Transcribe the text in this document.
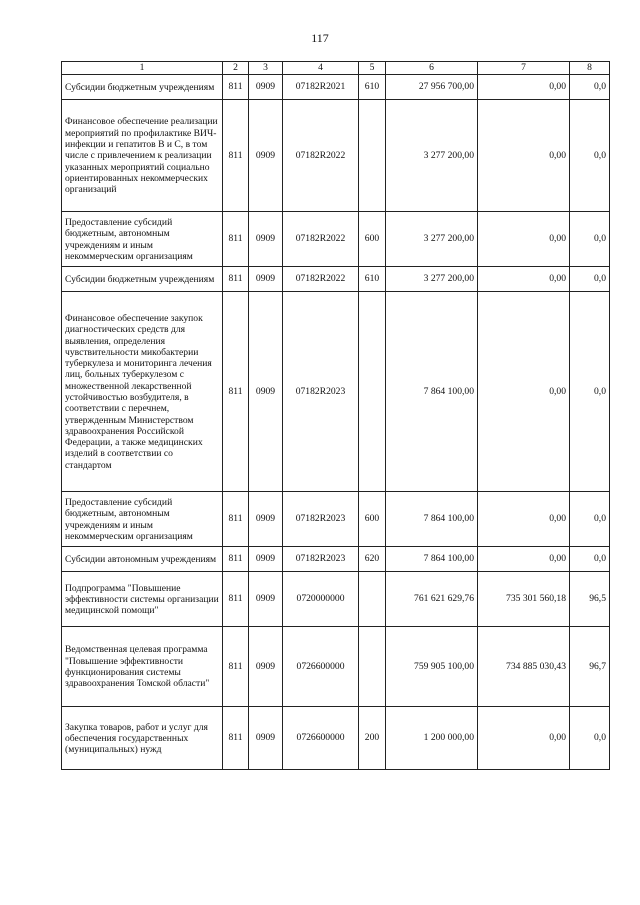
117
1	2	3	4	5	6	7	8
Субсидии бюджетным учреждениям	811	0909	07182R2021	610	27 956 700,00	0,00	0,0
Финансовое обеспечение реализации мероприятий по профилактике ВИЧ-инфекции и гепатитов B и C, в том числе с привлечением к реализации указанных мероприятий социально ориентированных некоммерческих организаций	811	0909	07182R2022		3 277 200,00	0,00	0,0
Предоставление субсидий бюджетным, автономным учреждениям и иным некоммерческим организациям	811	0909	07182R2022	600	3 277 200,00	0,00	0,0
Субсидии бюджетным учреждениям	811	0909	07182R2022	610	3 277 200,00	0,00	0,0
Финансовое обеспечение закупок диагностических средств для выявления, определения чувствительности микобактерии туберкулеза и мониторинга лечения лиц, больных туберкулезом с множественной лекарственной устойчивостью возбудителя, в соответствии с перечнем, утвержденным Министерством здравоохранения Российской Федерации, а также медицинских изделий в соответствии со стандартом	811	0909	07182R2023		7 864 100,00	0,00	0,0
Предоставление субсидий бюджетным, автономным учреждениям и иным некоммерческим организациям	811	0909	07182R2023	600	7 864 100,00	0,00	0,0
Субсидии автономным учреждениям	811	0909	07182R2023	620	7 864 100,00	0,00	0,0
Подпрограмма "Повышение эффективности системы организации медицинской помощи"	811	0909	0720000000		761 621 629,76	735 301 560,18	96,5
Ведомственная целевая программа "Повышение эффективности функционирования системы здравоохранения Томской области"	811	0909	0726600000		759 905 100,00	734 885 030,43	96,7
Закупка товаров, работ и услуг для обеспечения государственных (муниципальных) нужд	811	0909	0726600000	200	1 200 000,00	0,00	0,0
